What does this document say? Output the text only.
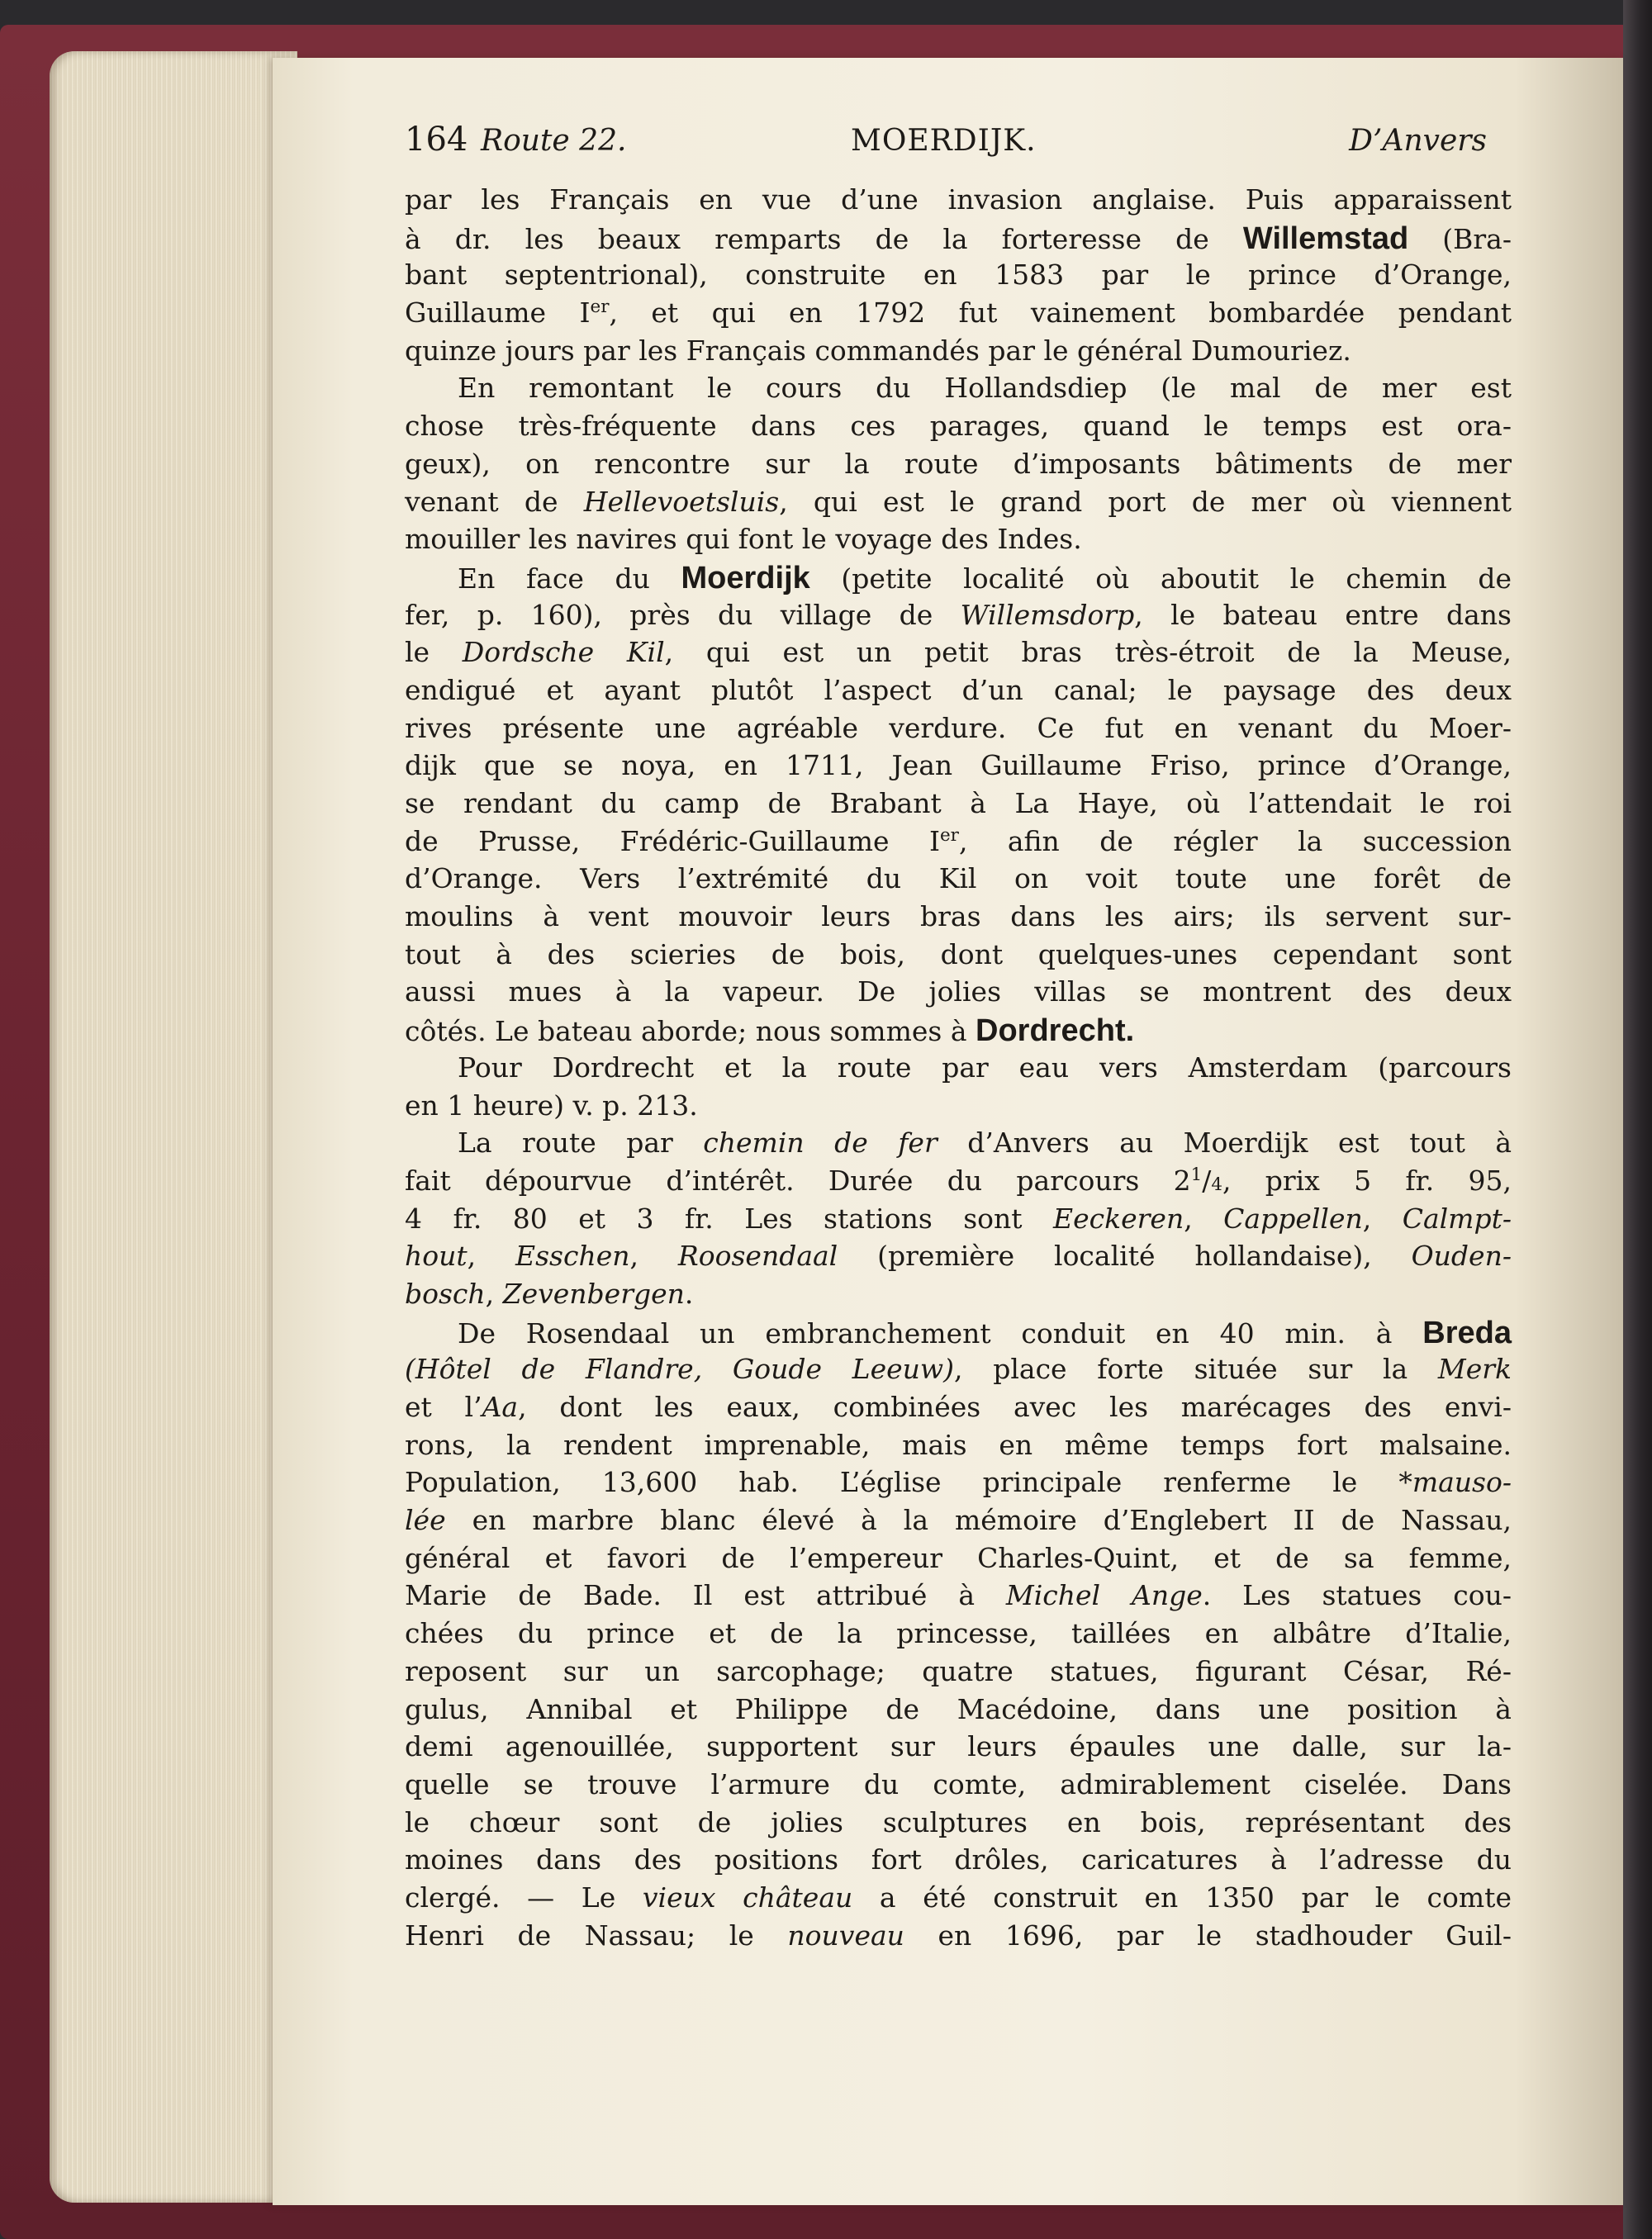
164 Route 22.	MOERDIJK.	D’Anvers
par les Français en vue d’une invasion anglaise. Puis apparaissent
à dr. les beaux remparts de la forteresse de Willemstad (Bra-
bant septentrional), construite en 1583 par le prince d’Orange,
Guillaume Ier, et qui en 1792 fut vainement bombardée pendant
quinze jours par les Français commandés par le général Dumouriez.
En remontant le cours du Hollandsdiep (le mal de mer est
chose très-fréquente dans ces parages, quand le temps est ora-
geux), on rencontre sur la route d’imposants bâtiments de mer
venant de Hellevoetsluis, qui est le grand port de mer où viennent
mouiller les navires qui font le voyage des Indes.
En face du Moerdijk (petite localité où aboutit le chemin de
fer, p. 160), près du village de Willemsdorp, le bateau entre dans
le Dordsche Kil, qui est un petit bras très-étroit de la Meuse,
endigué et ayant plutôt l’aspect d’un canal; le paysage des deux
rives présente une agréable verdure. Ce fut en venant du Moer-
dijk que se noya, en 1711, Jean Guillaume Friso, prince d’Orange,
se rendant du camp de Brabant à La Haye, où l’attendait le roi
de Prusse, Frédéric-Guillaume Ier, afin de régler la succession
d’Orange. Vers l’extrémité du Kil on voit toute une forêt de
moulins à vent mouvoir leurs bras dans les airs; ils servent sur-
tout à des scieries de bois, dont quelques-unes cependant sont
aussi mues à la vapeur. De jolies villas se montrent des deux
côtés. Le bateau aborde; nous sommes à Dordrecht.
Pour Dordrecht et la route par eau vers Amsterdam (parcours
en 1 heure) v. p. 213.
La route par chemin de fer d’Anvers au Moerdijk est tout à
fait dépourvue d’intérêt. Durée du parcours $2^1/4$, prix 5 fr. 95,
4 fr. 80 et 3 fr. Les stations sont Eeckeren, Cappellen, Calmpt-
hout, Esschen, Roosendaal (première localité hollandaise), Ouden-
bosch, Zevenbergen.
De Rosendaal un embranchement conduit en 40 min. à Breda
(Hôtel de Flandre, Goude Leeuw), place forte située sur la Merk
et l’Aa, dont les eaux, combinées avec les marécages des envi-
rons, la rendent imprenable, mais en même temps fort malsaine.
Population, 13,600 hab. L’église principale renferme le *mauso-
lée en marbre blanc élevé à la mémoire d’Englebert II de Nassau,
général et favori de l’empereur Charles-Quint, et de sa femme,
Marie de Bade. Il est attribué à Michel Ange. Les statues cou-
chées du prince et de la princesse, taillées en albâtre d’Italie,
reposent sur un sarcophage; quatre statues, figurant César, Ré-
gulus, Annibal et Philippe de Macédoine, dans une position à
demi agenouillée, supportent sur leurs épaules une dalle, sur la-
quelle se trouve l’armure du comte, admirablement ciselée. Dans
le chœur sont de jolies sculptures en bois, représentant des
moines dans des positions fort drôles, caricatures à l’adresse du
clergé. — Le vieux château a été construit en 1350 par le comte
Henri de Nassau; le nouveau en 1696, par le stadhouder Guil-
